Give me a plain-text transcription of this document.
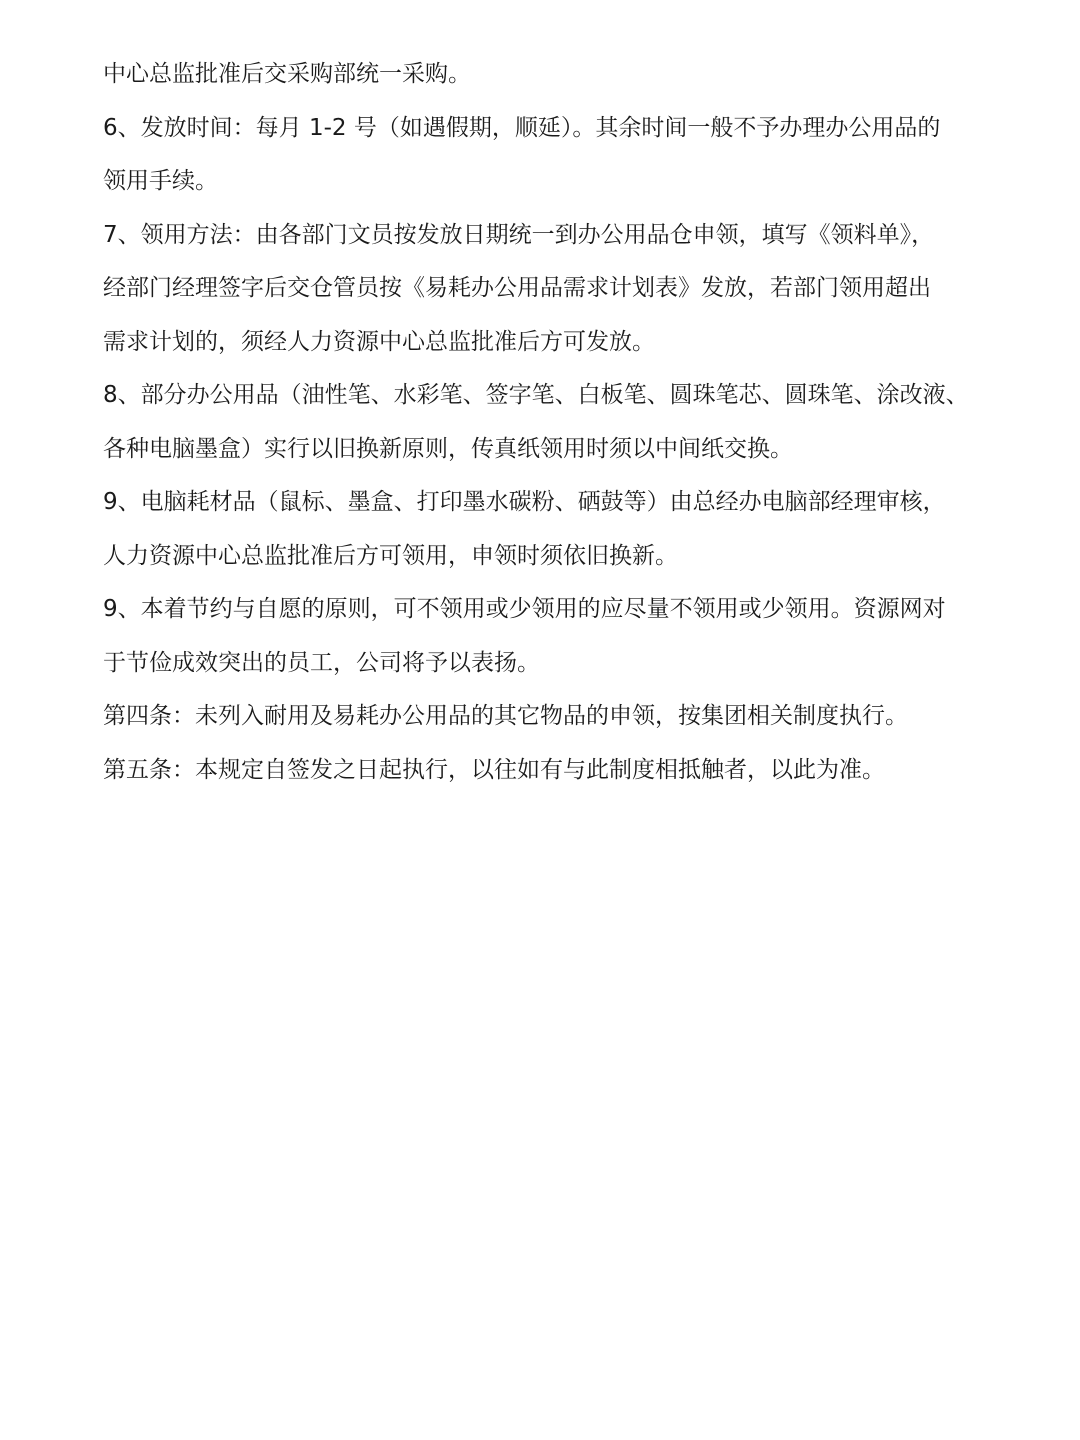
中心总监批准后交采购部统一采购。
6、发放时间：每月 1-2 号（如遇假期，顺延）。其余时间一般不予办理办公用品的
领用手续。
7、领用方法：由各部门文员按发放日期统一到办公用品仓申领，填写《领料单》，
经部门经理签字后交仓管员按《易耗办公用品需求计划表》发放，若部门领用超出
需求计划的，须经人力资源中心总监批准后方可发放。
8、部分办公用品（油性笔、水彩笔、签字笔、白板笔、圆珠笔芯、圆珠笔、涂改液、
各种电脑墨盒）实行以旧换新原则，传真纸领用时须以中间纸交换。
9、电脑耗材品（鼠标、墨盒、打印墨水碳粉、硒鼓等）由总经办电脑部经理审核，
人力资源中心总监批准后方可领用，申领时须依旧换新。
9、本着节约与自愿的原则，可不领用或少领用的应尽量不领用或少领用。资源网对
于节俭成效突出的员工，公司将予以表扬。
第四条：未列入耐用及易耗办公用品的其它物品的申领，按集团相关制度执行。
第五条：本规定自签发之日起执行，以往如有与此制度相抵触者，以此为准。
